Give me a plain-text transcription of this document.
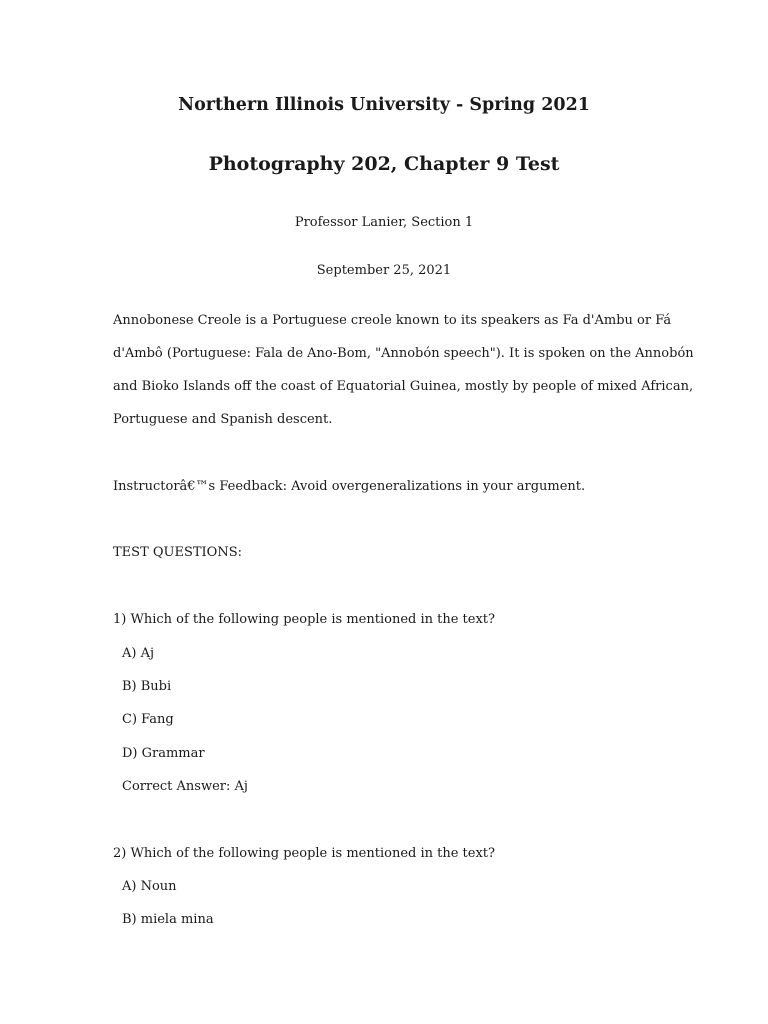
Northern Illinois University - Spring 2021
Photography 202, Chapter 9 Test
Professor Lanier, Section 1
September 25, 2021
Annobonese Creole is a Portuguese creole known to its speakers as Fa d'Ambu or Fá
d'Ambô (Portuguese: Fala de Ano-Bom, "Annobón speech"). It is spoken on the Annobón
and Bioko Islands off the coast of Equatorial Guinea, mostly by people of mixed African,
Portuguese and Spanish descent.
Instructorâ€™s Feedback: Avoid overgeneralizations in your argument.
TEST QUESTIONS:
1) Which of the following people is mentioned in the text?
A) Aj
B) Bubi
C) Fang
D) Grammar
Correct Answer: Aj
2) Which of the following people is mentioned in the text?
A) Noun
B) miela mina
